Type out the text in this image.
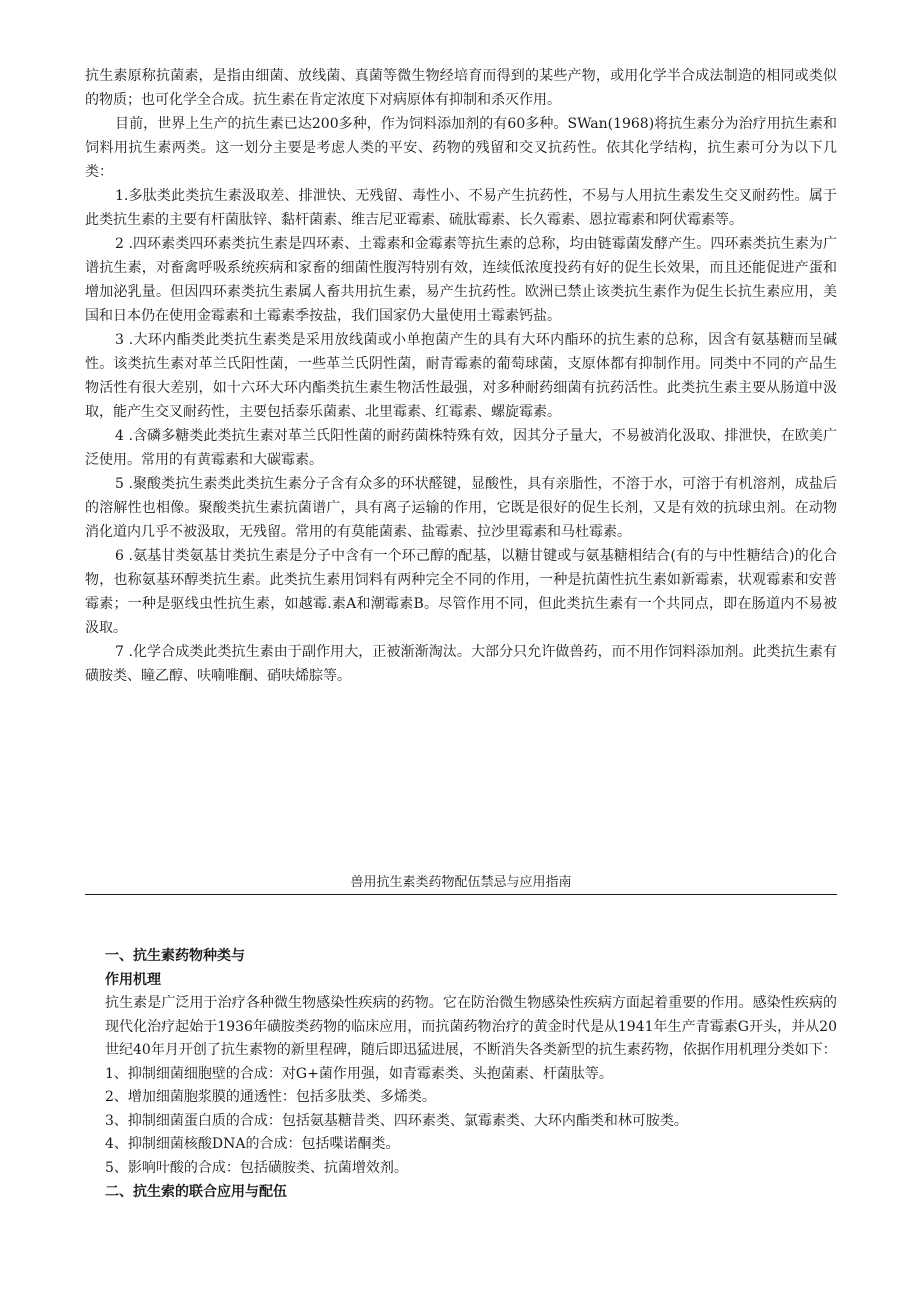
抗生素原称抗菌素，是指由细菌、放线菌、真菌等微生物经培育而得到的某些产物，或用化学半合成法制造的相同或类似的物质；也可化学全合成。抗生素在肯定浓度下对病原体有抑制和杀灭作用。

目前，世界上生产的抗生素已达200多种，作为饲料添加剂的有60多种。SWan(1968)将抗生素分为治疗用抗生素和饲料用抗生素两类。这一划分主要是考虑人类的平安、药物的残留和交叉抗药性。依其化学结构，抗生素可分为以下几类：

1.多肽类此类抗生素汲取差、排泄快、无残留、毒性小、不易产生抗药性，不易与人用抗生素发生交叉耐药性。属于此类抗生素的主要有杆菌肽锌、黏杆菌素、维吉尼亚霉素、硫肽霉素、长久霉素、恩拉霉素和阿伏霉素等。

2 .四环素类四环素类抗生素是四环素、土霉素和金霉素等抗生素的总称，均由链霉菌发酵产生。四环素类抗生素为广谱抗生素，对畜禽呼吸系统疾病和家畜的细菌性腹泻特别有效，连续低浓度投药有好的促生长效果，而且还能促进产蛋和增加泌乳量。但因四环素类抗生素属人畜共用抗生素，易产生抗药性。欧洲已禁止该类抗生素作为促生长抗生素应用，美国和日本仍在使用金霉素和土霉素季按盐，我们国家仍大量使用土霉素钙盐。

3 .大环内酯类此类抗生素类是采用放线菌或小单抱菌产生的具有大环内酯环的抗生素的总称，因含有氨基糖而呈碱性。该类抗生素对革兰氏阳性菌，一些革兰氏阴性菌，耐青霉素的葡萄球菌，支原体都有抑制作用。同类中不同的产品生物活性有很大差别，如十六环大环内酯类抗生素生物活性最强，对多种耐药细菌有抗药活性。此类抗生素主要从肠道中汲取，能产生交叉耐药性，主要包括泰乐菌素、北里霉素、红霉素、螺旋霉素。

4 .含磷多糖类此类抗生素对革兰氏阳性菌的耐药菌株特殊有效，因其分子量大，不易被消化汲取、排泄快，在欧美广泛使用。常用的有黄霉素和大碳霉素。

5 .聚酸类抗生素类此类抗生素分子含有众多的环状醛键，显酸性，具有亲脂性，不溶于水，可溶于有机溶剂，成盐后的溶解性也相像。聚酸类抗生素抗菌谱广，具有离子运输的作用，它既是很好的促生长剂，又是有效的抗球虫剂。在动物消化道内几乎不被汲取，无残留。常用的有莫能菌素、盐霉素、拉沙里霉素和马杜霉素。

6 .氨基甘类氨基甘类抗生素是分子中含有一个环己醇的配基，以糖甘键或与氨基糖相结合(有的与中性糖结合)的化合物，也称氨基环醇类抗生素。此类抗生素用饲料有两种完全不同的作用，一种是抗菌性抗生素如新霉素，状观霉素和安普霉素；一种是驱线虫性抗生素，如越霉.素A和潮霉素B。尽管作用不同，但此类抗生素有一个共同点，即在肠道内不易被汲取。

7 .化学合成类此类抗生素由于副作用大，正被渐渐淘汰。大部分只允许做兽药，而不用作饲料添加剂。此类抗生素有磺胺类、瞳乙醇、呋喃唯酮、硝呋烯腙等。

兽用抗生素类药物配伍禁忌与应用指南

一、抗生素药物种类与

作用机理

抗生素是广泛用于治疗各种微生物感染性疾病的药物。它在防治微生物感染性疾病方面起着重要的作用。感染性疾病的现代化治疗起始于1936年磺胺类药物的临床应用，而抗菌药物治疗的黄金时代是从1941年生产青霉素G开头，并从20世纪40年月开创了抗生素物的新里程碑，随后即迅猛进展，不断消失各类新型的抗生素药物，依据作用机理分类如下：

1、抑制细菌细胞壁的合成：对G+菌作用强，如青霉素类、头抱菌素、杆菌肽等。

2、增加细菌胞浆膜的通透性：包括多肽类、多烯类。

3、抑制细菌蛋白质的合成：包括氨基糖昔类、四环素类、氯霉素类、大环内酯类和林可胺类。

4、抑制细菌核酸DNA的合成：包括喋诺酮类。

5、影响叶酸的合成：包括磺胺类、抗菌增效剂。

二、抗生索的联合应用与配伍
